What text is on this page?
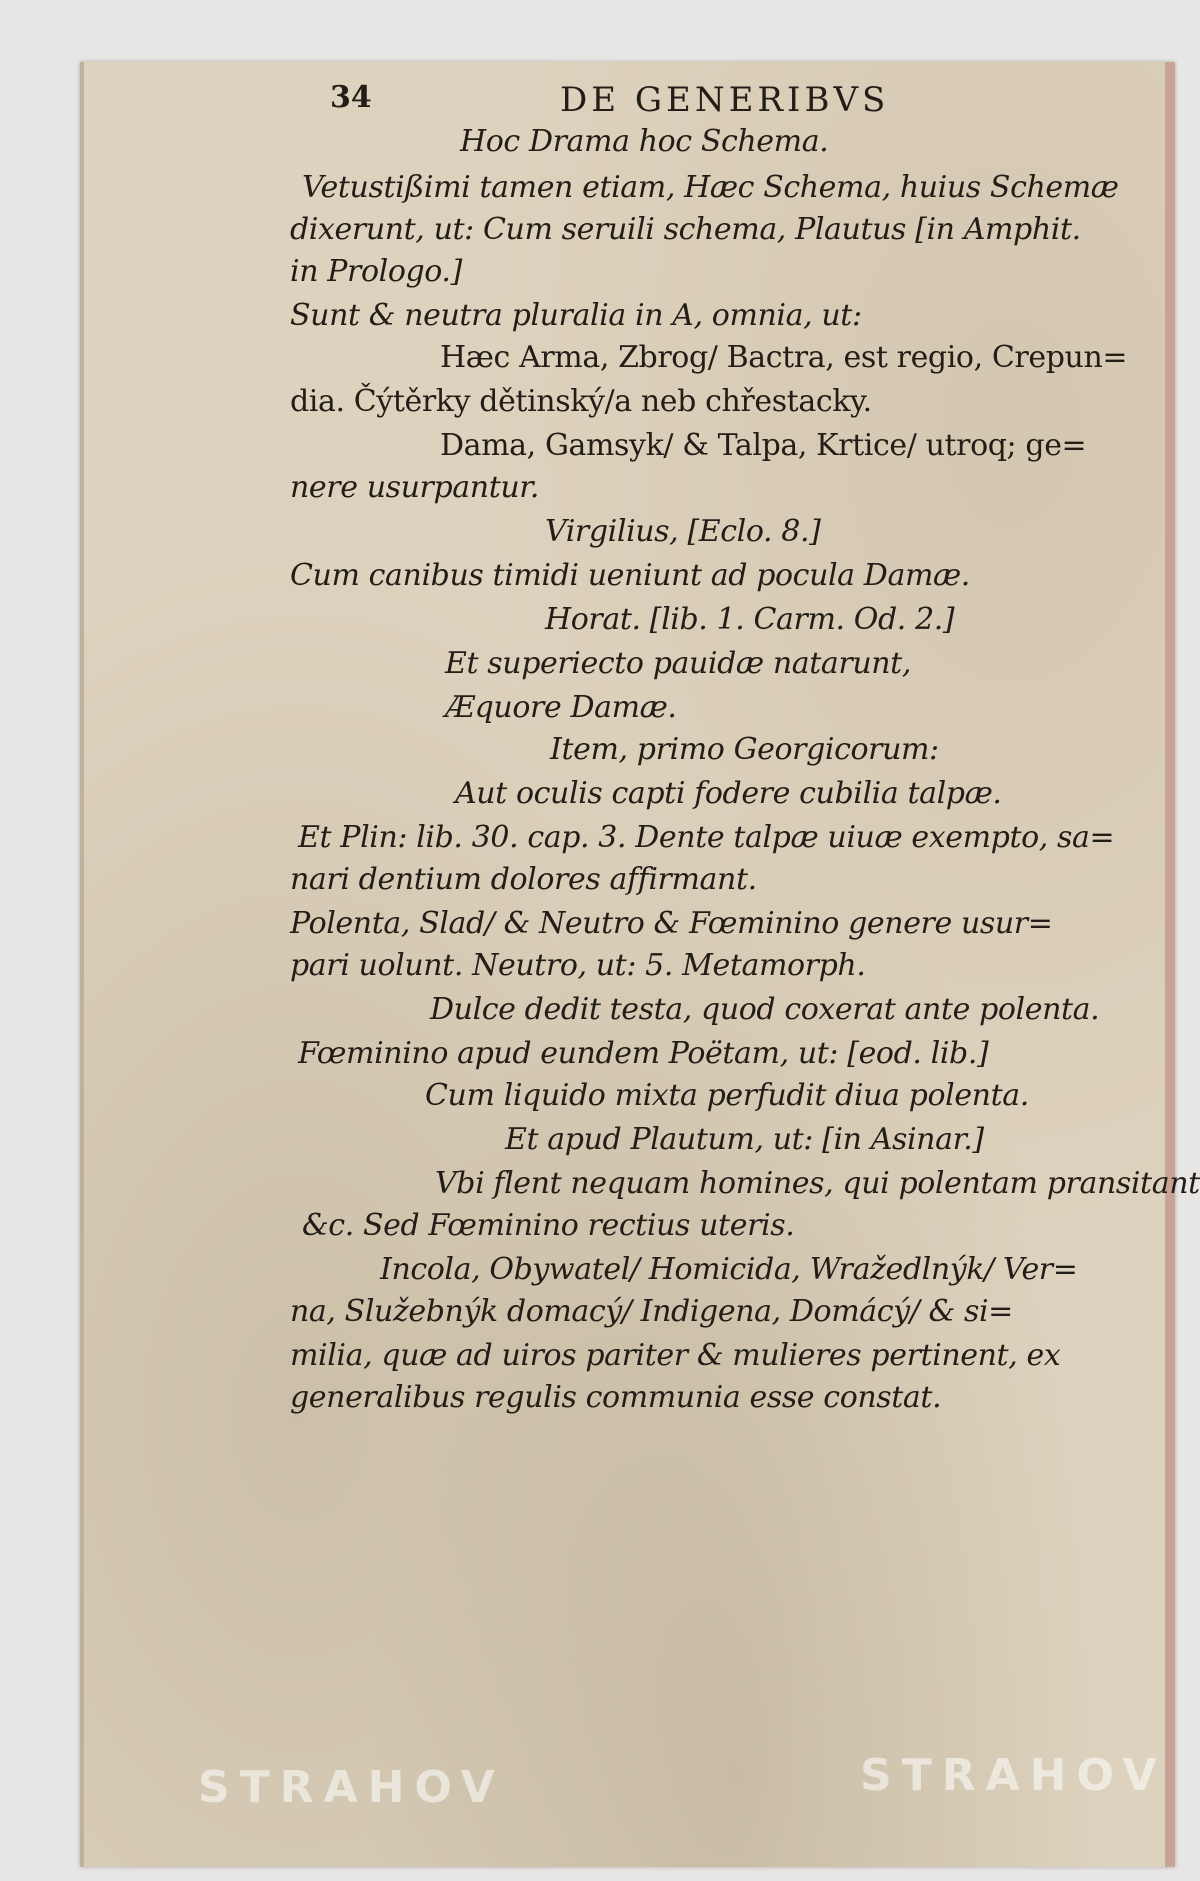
34	DE GENERIBVS
Hoc Drama hoc Schema.
Vetustißimi tamen etiam, Hæc Schema, huius Schemæ
dixerunt, ut: Cum seruili schema, Plautus [in Amphit.
in Prologo.]
Sunt & neutra pluralia in A, omnia, ut:
Hæc Arma, Zbrog/ Bactra, est regio, Crepun=
dia. Čýtěrky dětinský/a neb chřestacky.
Dama, Gamsyk/ & Talpa, Krtice/ utroq; ge=
nere usurpantur.
Virgilius, [Eclo. 8.]
Cum canibus timidi ueniunt ad pocula Damæ.
Horat. [lib. 1. Carm. Od. 2.]
Et superiecto pauidæ natarunt,
Æquore Damæ.
Item, primo Georgicorum:
Aut oculis capti fodere cubilia talpæ.
Et Plin: lib. 30. cap. 3. Dente talpæ uiuæ exempto, sa=
nari dentium dolores affirmant.
Polenta, Slad/ & Neutro & Fœminino genere usur=
pari uolunt. Neutro, ut: 5. Metamorph.
Dulce dedit testa, quod coxerat ante polenta.
Fœminino apud eundem Poëtam, ut: [eod. lib.]
Cum liquido mixta perfudit diua polenta.
Et apud Plautum, ut: [in Asinar.]
Vbi flent nequam homines, qui polentam pransitant
&c. Sed Fœminino rectius uteris.
Incola, Obywatel/ Homicida, Wražedlnýk/ Ver=
na, Služebnýk domacý/ Indigena, Domácý/ & si=
milia, quæ ad uiros pariter & mulieres pertinent, ex
generalibus regulis communia esse constat.
STRAHOV	STRAHOV
